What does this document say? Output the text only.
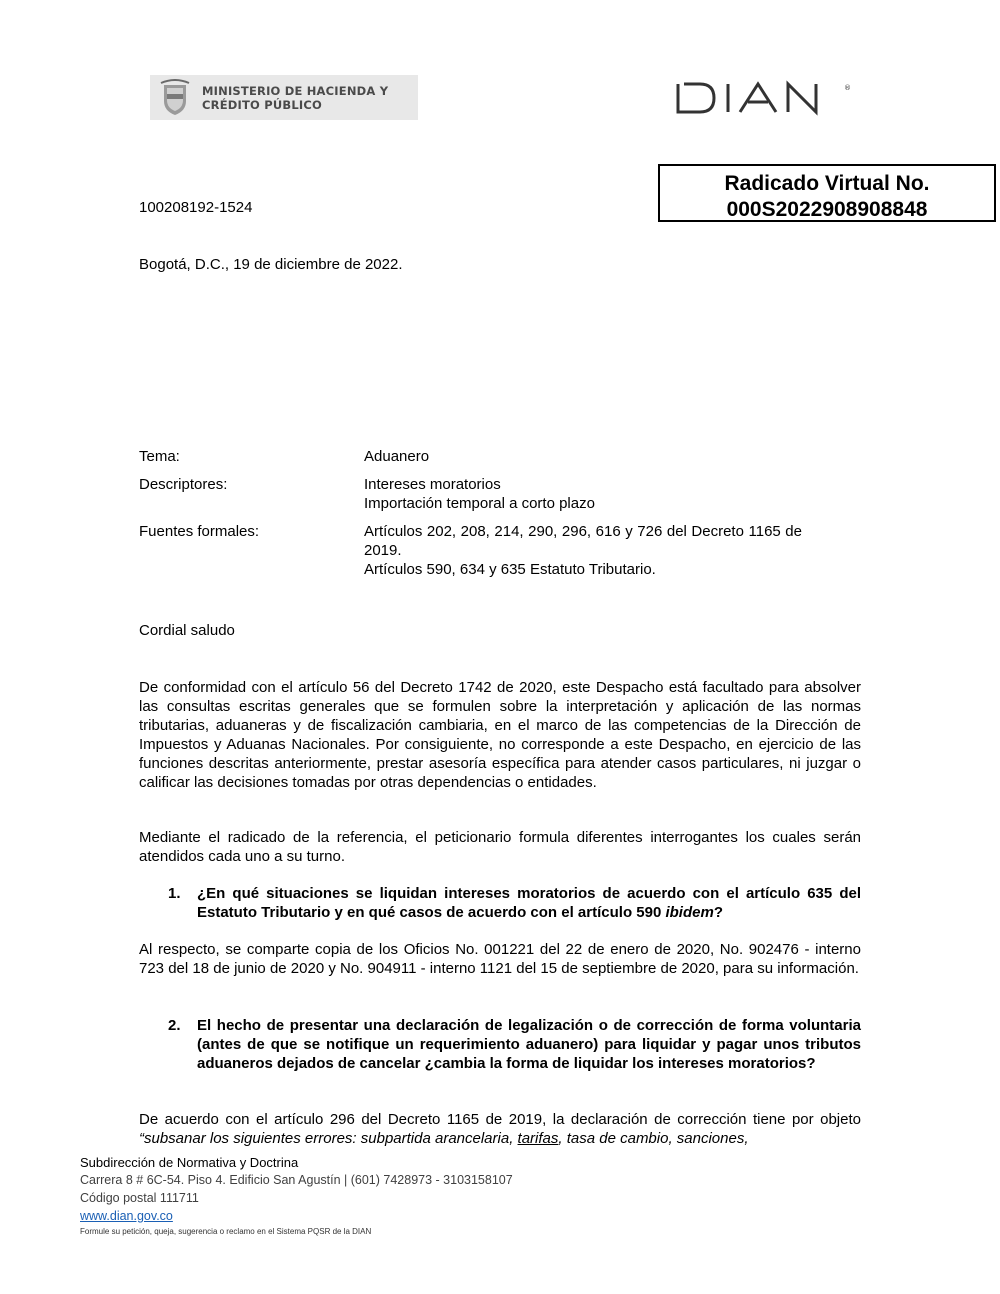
MINISTERIO DE HACIENDA Y
CRÉDITO PÚBLICO
®
Radicado Virtual No.
000S2022908908848
100208192-1524
Bogotá, D.C., 19 de diciembre de 2022.
Tema:	Aduanero
Descriptores:	Intereses moratorios
Importación temporal a corto plazo
Fuentes formales:	Artículos 202, 208, 214, 290, 296, 616 y 726 del Decreto 1165 de 2019.
Artículos 590, 634 y 635 Estatuto Tributario.
Cordial saludo
De conformidad con el artículo 56 del Decreto 1742 de 2020, este Despacho está facultado para absolver las consultas escritas generales que se formulen sobre la interpretación y aplicación de las normas tributarias, aduaneras y de fiscalización cambiaria, en el marco de las competencias de la Dirección de Impuestos y Aduanas Nacionales. Por consiguiente, no corresponde a este Despacho, en ejercicio de las funciones descritas anteriormente, prestar asesoría específica para atender casos particulares, ni juzgar o calificar las decisiones tomadas por otras dependencias o entidades.
Mediante el radicado de la referencia, el peticionario formula diferentes interrogantes los cuales serán atendidos cada uno a su turno.
1. ¿En qué situaciones se liquidan intereses moratorios de acuerdo con el artículo 635 del Estatuto Tributario y en qué casos de acuerdo con el artículo 590 ibidem?
Al respecto, se comparte copia de los Oficios No. 001221 del 22 de enero de 2020, No. 902476 - interno 723 del 18 de junio de 2020 y No. 904911 - interno 1121 del 15 de septiembre de 2020, para su información.
2. El hecho de presentar una declaración de legalización o de corrección de forma voluntaria (antes de que se notifique un requerimiento aduanero) para liquidar y pagar unos tributos aduaneros dejados de cancelar ¿cambia la forma de liquidar los intereses moratorios?
De acuerdo con el artículo 296 del Decreto 1165 de 2019, la declaración de corrección tiene por objeto “subsanar los siguientes errores: subpartida arancelaria, tarifas, tasa de cambio, sanciones,
Subdirección de Normativa y Doctrina
Carrera 8 # 6C-54. Piso 4. Edificio San Agustín | (601) 7428973 - 3103158107
Código postal 111711
www.dian.gov.co
Formule su petición, queja, sugerencia o reclamo en el Sistema PQSR de la DIAN
